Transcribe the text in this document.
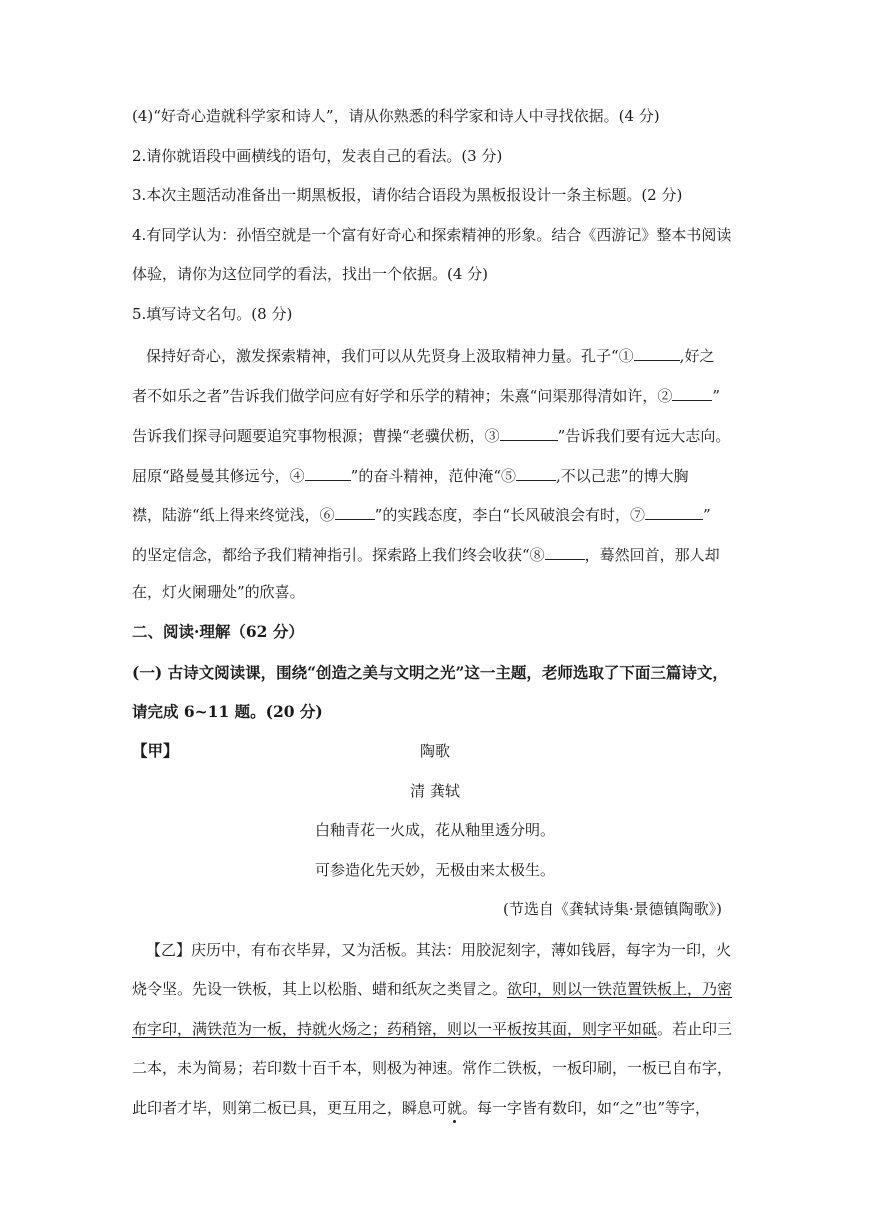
(4)“好奇心造就科学家和诗人”，请从你熟悉的科学家和诗人中寻找依据。(4 分)
2.请你就语段中画横线的语句，发表自己的看法。(3 分)
3.本次主题活动准备出一期黑板报，请你结合语段为黑板报设计一条主标题。(2 分)
4.有同学认为：孙悟空就是一个富有好奇心和探索精神的形象。结合《西游记》整本书阅读
体验，请你为这位同学的看法，找出一个依据。(4 分)
5.填写诗文名句。(8 分)
保持好奇心，激发探索精神，我们可以从先贤身上汲取精神力量。孔子“①	,好之
者不如乐之者”告诉我们做学问应有好学和乐学的精神；朱熹“问渠那得清如许，②	”
告诉我们探寻问题要追究事物根源；曹操“老骥伏枥，③	”告诉我们要有远大志向。
屈原“路曼曼其修远兮，④	”的奋斗精神，范仲淹“⑤	,不以己悲”的博大胸
襟，陆游“纸上得来终觉浅，⑥	”的实践态度，李白“长风破浪会有时，⑦	”
的坚定信念，都给予我们精神指引。探索路上我们终会收获“⑧	，蓦然回首，那人却
在，灯火阑珊处”的欣喜。
二、阅读·理解（62 分）
(一) 古诗文阅读课，围绕“创造之美与文明之光”这一主题，老师选取了下面三篇诗文，
请完成 6~11 题。(20 分)
【甲】	陶歌
清 龚轼
白釉青花一火成，花从釉里透分明。
可参造化先天妙，无极由来太极生。
(节选自《龚轼诗集·景德镇陶歌》)
【乙】庆历中，有布衣毕昇，又为活板。其法：用胶泥刻字，薄如钱唇，每字为一印，火
烧令坚。先设一铁板，其上以松脂、蜡和纸灰之类冒之。欲印，则以一铁范置铁板上，乃密
布字印，满铁范为一板，持就火炀之；药稍镕，则以一平板按其面，则字平如砥。若止印三
二本，未为简易；若印数十百千本，则极为神速。常作二铁板，一板印刷，一板已自布字，
此印者才毕，则第二板已具，更互用之，瞬息可就。每一字皆有数印，如“之”也”等字，
